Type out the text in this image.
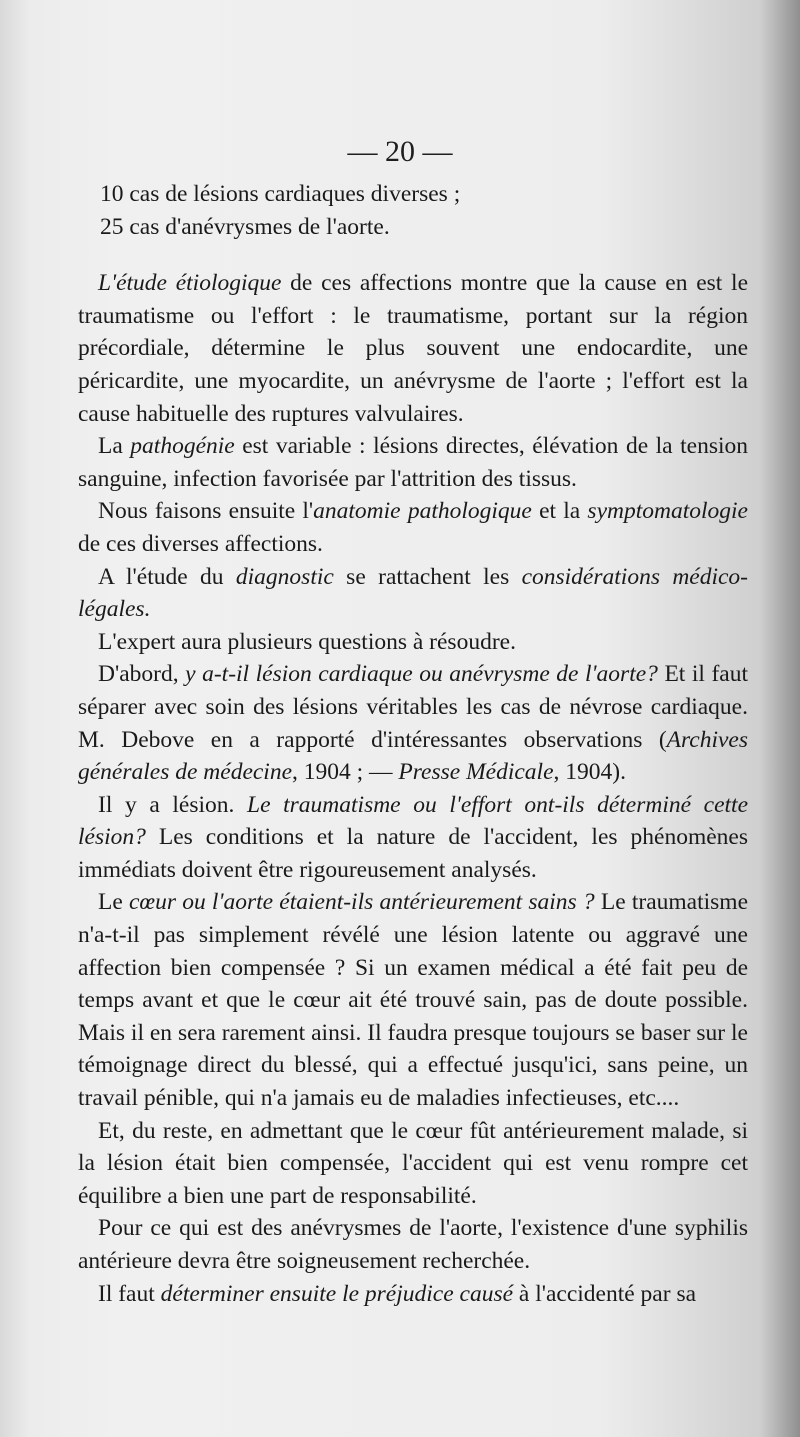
— 20 —

10 cas de lésions cardiaques diverses ;

25 cas d'anévrysmes de l'aorte.

L'étude étiologique de ces affections montre que la cause en est le traumatisme ou l'effort : le traumatisme, portant sur la région précordiale, détermine le plus souvent une endocardite, une péricardite, une myocardite, un anévrysme de l'aorte ; l'effort est la cause habituelle des ruptures valvulaires.

La pathogénie est variable : lésions directes, élévation de la tension sanguine, infection favorisée par l'attrition des tissus.

Nous faisons ensuite l'anatomie pathologique et la symptomatologie de ces diverses affections.

A l'étude du diagnostic se rattachent les considérations médico-légales.

L'expert aura plusieurs questions à résoudre.

D'abord, y a-t-il lésion cardiaque ou anévrysme de l'aorte? Et il faut séparer avec soin des lésions véritables les cas de névrose cardiaque. M. Debove en a rapporté d'intéressantes observations (Archives générales de médecine, 1904 ; — Presse Médicale, 1904).

Il y a lésion. Le traumatisme ou l'effort ont-ils déterminé cette lésion? Les conditions et la nature de l'accident, les phénomènes immédiats doivent être rigoureusement analysés.

Le cœur ou l'aorte étaient-ils antérieurement sains ? Le traumatisme n'a-t-il pas simplement révélé une lésion latente ou aggravé une affection bien compensée ? Si un examen médical a été fait peu de temps avant et que le cœur ait été trouvé sain, pas de doute possible. Mais il en sera rarement ainsi. Il faudra presque toujours se baser sur le témoignage direct du blessé, qui a effectué jusqu'ici, sans peine, un travail pénible, qui n'a jamais eu de maladies infectieuses, etc....

Et, du reste, en admettant que le cœur fût antérieurement malade, si la lésion était bien compensée, l'accident qui est venu rompre cet équilibre a bien une part de responsabilité.

Pour ce qui est des anévrysmes de l'aorte, l'existence d'une syphilis antérieure devra être soigneusement recherchée.

Il faut déterminer ensuite le préjudice causé à l'accidenté par sa
